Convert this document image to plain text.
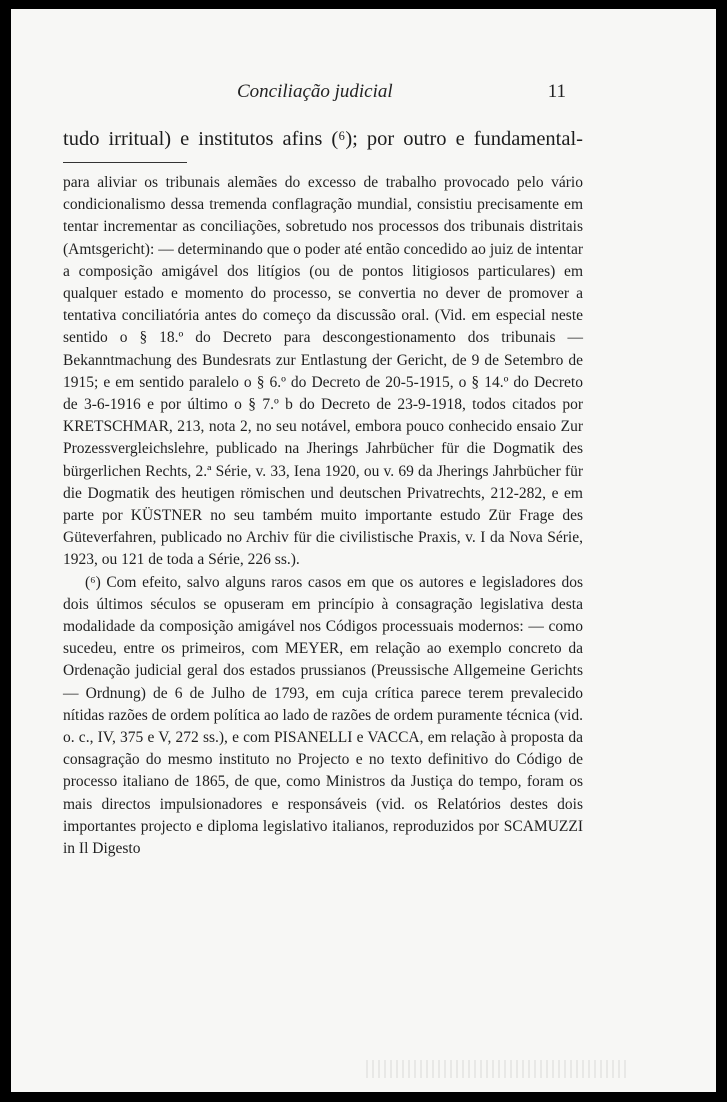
Conciliação judicial	11
tudo irritual) e institutos afins (⁶); por outro e fundamental-

para aliviar os tribunais alemães do excesso de trabalho provocado pelo vário condicionalismo dessa tremenda conflagração mundial, consistiu precisamente em tentar incrementar as conciliações, sobretudo nos processos dos tribunais distritais (Amtsgericht): — determinando que o poder até então concedido ao juiz de intentar a composição amigável dos litígios (ou de pontos litigiosos particulares) em qualquer estado e momento do processo, se convertia no dever de promover a tentativa conciliatória antes do começo da discussão oral. (Vid. em especial neste sentido o § 18.º do Decreto para descongestionamento dos tribunais — Bekanntmachung des Bundesrats zur Entlastung der Gericht, de 9 de Setembro de 1915; e em sentido paralelo o § 6.º do Decreto de 20-5-1915, o § 14.º do Decreto de 3-6-1916 e por último o § 7.º b do Decreto de 23-9-1918, todos citados por KRETSCHMAR, 213, nota 2, no seu notável, embora pouco conhecido ensaio Zur Prozessvergleichslehre, publicado na Jherings Jahrbücher für die Dogmatik des bürgerlichen Rechts, 2.ª Série, v. 33, Iena 1920, ou v. 69 da Jherings Jahrbücher für die Dogmatik des heutigen römischen und deutschen Privatrechts, 212-282, e em parte por KÜSTNER no seu também muito importante estudo Zür Frage des Güteverfahren, publicado no Archiv für die civilistische Praxis, v. I da Nova Série, 1923, ou 121 de toda a Série, 226 ss.).

(⁶) Com efeito, salvo alguns raros casos em que os autores e legisladores dos dois últimos séculos se opuseram em princípio à consagração legislativa desta modalidade da composição amigável nos Códigos processuais modernos: — como sucedeu, entre os primeiros, com MEYER, em relação ao exemplo concreto da Ordenação judicial geral dos estados prussianos (Preussische Allgemeine Gerichts — Ordnung) de 6 de Julho de 1793, em cuja crítica parece terem prevalecido nítidas razões de ordem política ao lado de razões de ordem puramente técnica (vid. o. c., IV, 375 e V, 272 ss.), e com PISANELLI e VACCA, em relação à proposta da consagração do mesmo instituto no Projecto e no texto definitivo do Código de processo italiano de 1865, de que, como Ministros da Justiça do tempo, foram os mais directos impulsionadores e responsáveis (vid. os Relatórios destes dois importantes projecto e diploma legislativo italianos, reproduzidos por SCAMUZZI in Il Digesto
